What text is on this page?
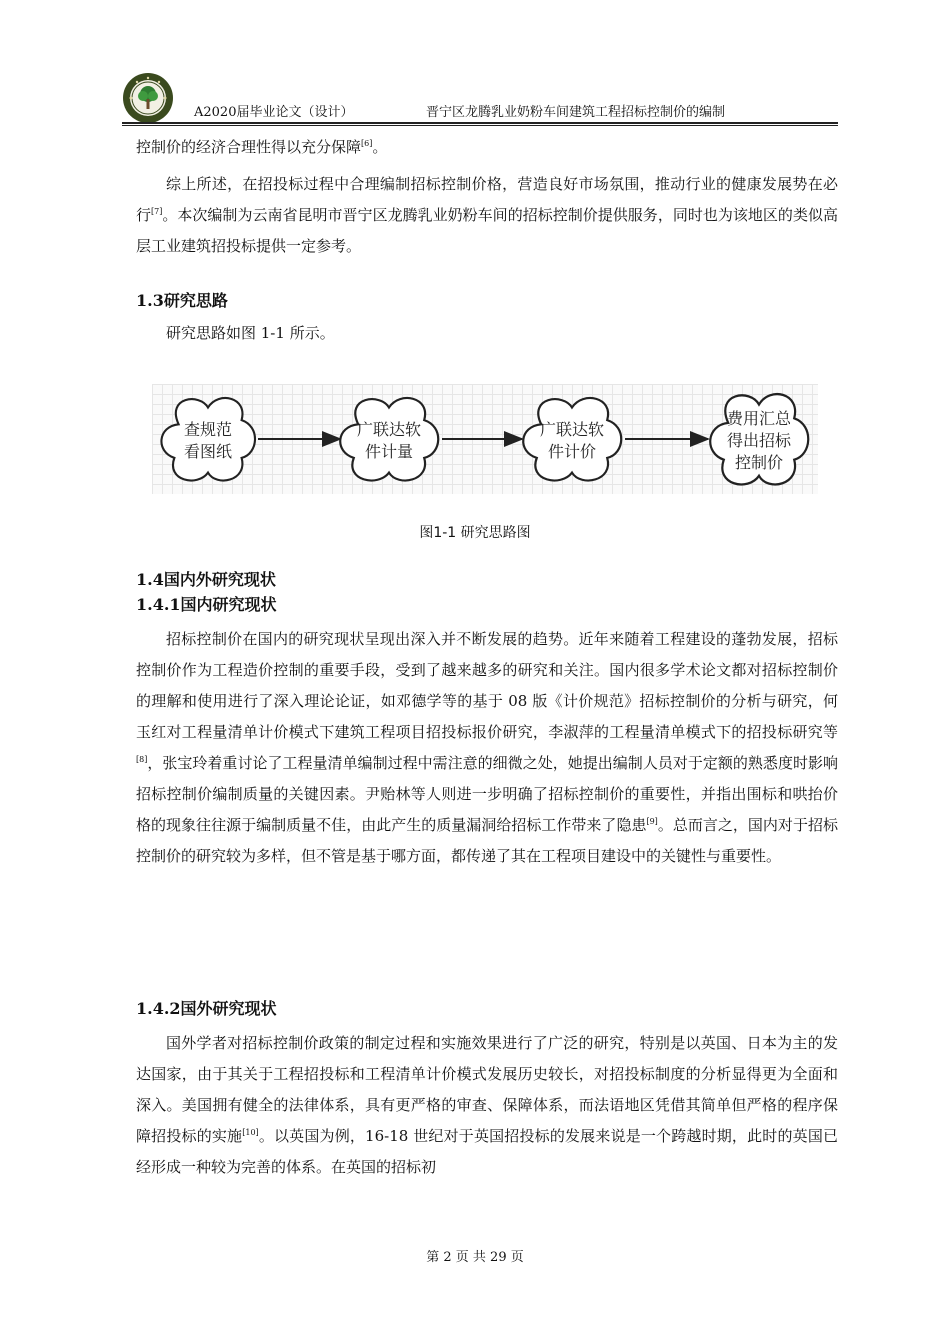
A2020届毕业论文（设计）	晋宁区龙腾乳业奶粉车间建筑工程招标控制价的编制

控制价的经济合理性得以充分保障[6]。

综上所述，在招投标过程中合理编制招标控制价格，营造良好市场氛围，推动行业的健康发展势在必行[7]。本次编制为云南省昆明市晋宁区龙腾乳业奶粉车间的招标控制价提供服务，同时也为该地区的类似高层工业建筑招投标提供一定参考。

1.3研究思路

研究思路如图 1-1 所示。

查规范
看图纸
广联达软
件计量
广联达软
件计价
费用汇总
得出招标
控制价
图1-1 研究思路图
1.4国内外研究现状
1.4.1国内研究现状

招标控制价在国内的研究现状呈现出深入并不断发展的趋势。近年来随着工程建设的蓬勃发展，招标控制价作为工程造价控制的重要手段，受到了越来越多的研究和关注。国内很多学术论文都对招标控制价的理解和使用进行了深入理论论证，如邓德学等的基于 08 版《计价规范》招标控制价的分析与研究，何玉红对工程量清单计价模式下建筑工程项目招投标报价研究，李淑萍的工程量清单模式下的招投标研究等[8]，张宝玲着重讨论了工程量清单编制过程中需注意的细微之处，她提出编制人员对于定额的熟悉度时影响招标控制价编制质量的关键因素。尹贻林等人则进一步明确了招标控制价的重要性，并指出围标和哄抬价格的现象往往源于编制质量不佳，由此产生的质量漏洞给招标工作带来了隐患[9]。总而言之，国内对于招标控制价的研究较为多样，但不管是基于哪方面，都传递了其在工程项目建设中的关键性与重要性。

1.4.2国外研究现状

国外学者对招标控制价政策的制定过程和实施效果进行了广泛的研究，特别是以英国、日本为主的发达国家，由于其关于工程招投标和工程清单计价模式发展历史较长，对招投标制度的分析显得更为全面和深入。美国拥有健全的法律体系，具有更严格的审查、保障体系，而法语地区凭借其简单但严格的程序保障招投标的实施[10]。以英国为例，16-18 世纪对于英国招投标的发展来说是一个跨越时期，此时的英国已经形成一种较为完善的体系。在英国的招标初

第 2 页 共 29 页
